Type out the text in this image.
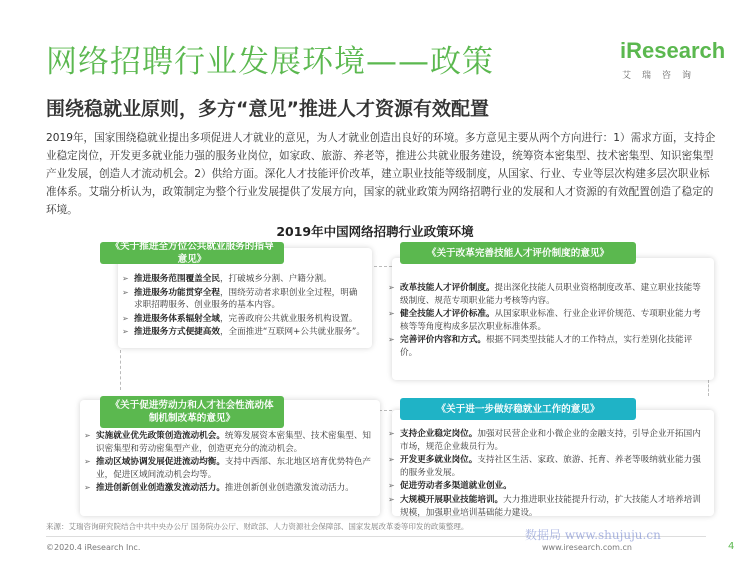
网络招聘行业发展环境——政策
围绕稳就业原则，多方“意见”推进人才资源有效配置
iResearch
艾瑞咨询
2019年，国家围绕稳就业提出多项促进人才就业的意见，为人才就业创造出良好的环境。多方意见主要从两个方向进行：1）需求方面，支持企业稳定岗位，开发更多就业能力强的服务业岗位，如家政、旅游、养老等，推进公共就业服务建设，统筹资本密集型、技术密集型、知识密集型产业发展，创造人才流动机会。2）供给方面。深化人才技能评价改革，建立职业技能等级制度，从国家、行业、专业等层次构建多层次职业标准体系。艾瑞分析认为，政策制定为整个行业发展提供了发展方向，国家的就业政策为网络招聘行业的发展和人才资源的有效配置创造了稳定的环境。
2019年中国网络招聘行业政策环境
《关于推进全方位公共就业服务的指导意见》
➢ 推进服务范围覆盖全民，打破城乡分割、户籍分割。
➢ 推进服务功能贯穿全程，围绕劳动者求职创业全过程，明确求职招聘服务、创业服务的基本内容。
➢ 推进服务体系辐射全域，完善政府公共就业服务机构设置。
➢ 推进服务方式便捷高效，全面推进“互联网+公共就业服务”。
《关于改革完善技能人才评价制度的意见》
➢ 改革技能人才评价制度。提出深化技能人员职业资格制度改革、建立职业技能等级制度、规范专项职业能力考核等内容。
➢ 健全技能人才评价标准。从国家职业标准、行业企业评价规范、专项职业能力考核等等角度构成多层次职业标准体系。
➢ 完善评价内容和方式。根据不同类型技能人才的工作特点，实行差别化技能评价。
《关于促进劳动力和人才社会性流动体制机制改革的意见》
➢ 实施就业优先政策创造流动机会。统筹发展资本密集型、技术密集型、知识密集型和劳动密集型产业，创造更充分的流动机会。
➢ 推动区域协调发展促进流动均衡。支持中西部、东北地区培育优势特色产业，促进区域间流动机会均等。
➢ 推进创新创业创造激发流动活力。推进创新创业创造激发流动活力。
《关于进一步做好稳就业工作的意见》
➢ 支持企业稳定岗位。加强对民营企业和小微企业的金融支持，引导企业开拓国内市场，规范企业裁员行为。
➢ 开发更多就业岗位。支持社区生活、家政、旅游、托育、养老等吸纳就业能力强的服务业发展。
➢ 促进劳动者多渠道就业创业。
➢ 大规模开展职业技能培训。大力推进职业技能提升行动，扩大技能人才培养培训规模，加强职业培训基础能力建设。
来源：艾瑞咨询研究院结合中共中央办公厅 国务院办公厅、财政部、人力资源社会保障部、国家发展改革委等印发的政策整理。
©2020.4 iResearch Inc.
数据局 www.shujuju.cn
www.iresearch.com.cn	4
